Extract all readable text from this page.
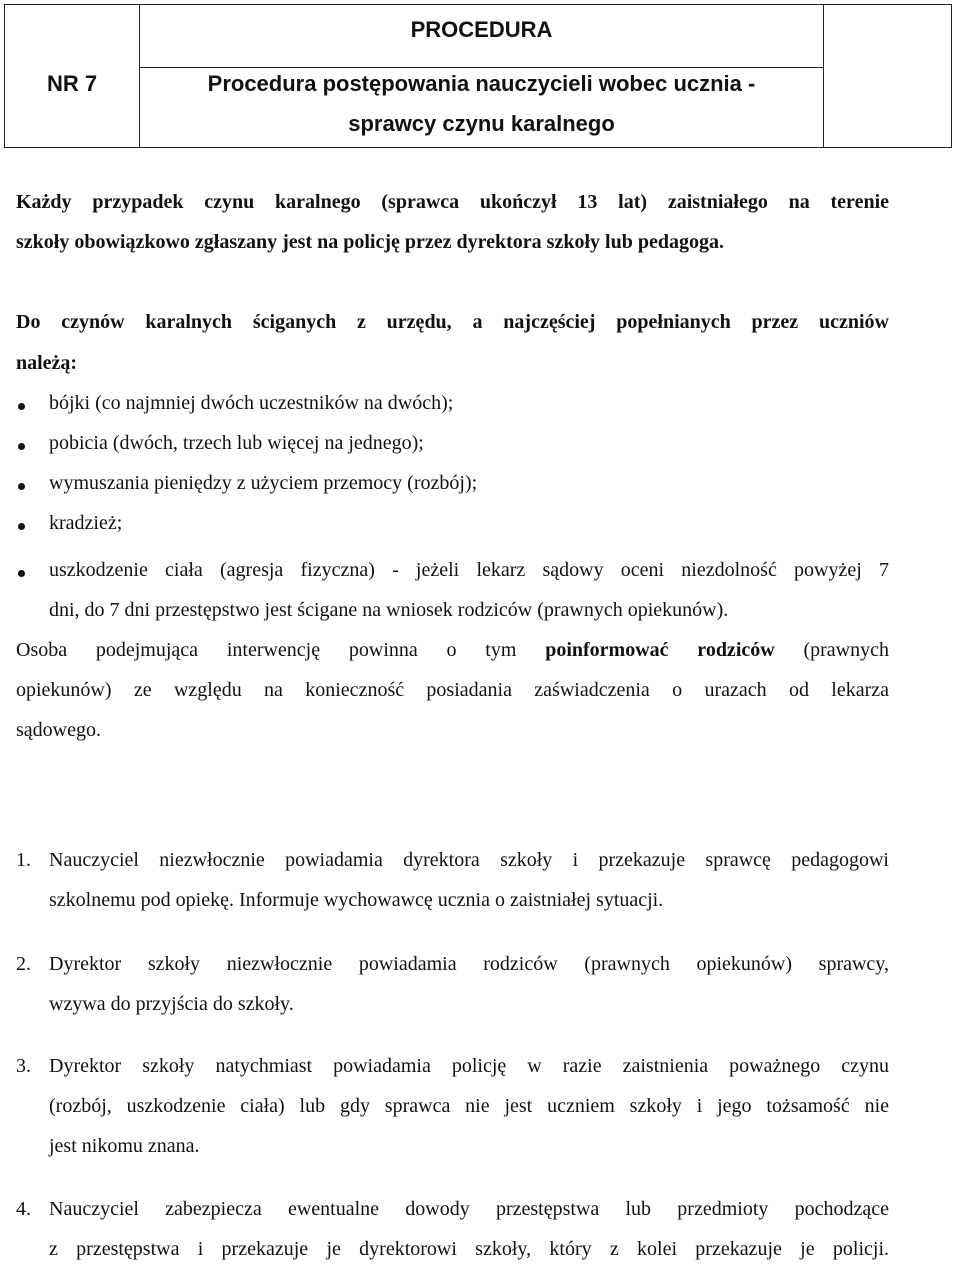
PROCEDURA
NR 7	Procedura postępowania nauczycieli wobec ucznia -
sprawcy czynu karalnego
Każdy przypadek czynu karalnego (sprawca ukończył 13 lat) zaistniałego na terenie
szkoły obowiązkowo zgłaszany jest na policję przez dyrektora szkoły lub pedagoga.
Do czynów karalnych ściganych z urzędu, a najczęściej popełnianych przez uczniów
należą:
bójki (co najmniej dwóch uczestników na dwóch);
pobicia (dwóch, trzech lub więcej na jednego);
wymuszania pieniędzy z użyciem przemocy (rozbój);
kradzież;
uszkodzenie ciała (agresja fizyczna) - jeżeli lekarz sądowy oceni niezdolność powyżej 7
dni, do 7 dni przestępstwo jest ścigane na wniosek rodziców (prawnych opiekunów).
Osoba podejmująca interwencję powinna o tym poinformować rodziców (prawnych
opiekunów) ze względu na konieczność posiadania zaświadczenia o urazach od lekarza
sądowego.
1. Nauczyciel niezwłocznie powiadamia dyrektora szkoły i przekazuje sprawcę pedagogowi
szkolnemu pod opiekę. Informuje wychowawcę ucznia o zaistniałej sytuacji.
2. Dyrektor szkoły niezwłocznie powiadamia rodziców (prawnych opiekunów) sprawcy,
wzywa do przyjścia do szkoły.
3. Dyrektor szkoły natychmiast powiadamia policję w razie zaistnienia poważnego czynu
(rozbój, uszkodzenie ciała) lub gdy sprawca nie jest uczniem szkoły i jego tożsamość nie
jest nikomu znana.
4. Nauczyciel zabezpiecza ewentualne dowody przestępstwa lub przedmioty pochodzące
z przestępstwa i przekazuje je dyrektorowi szkoły, który z kolei przekazuje je policji.
